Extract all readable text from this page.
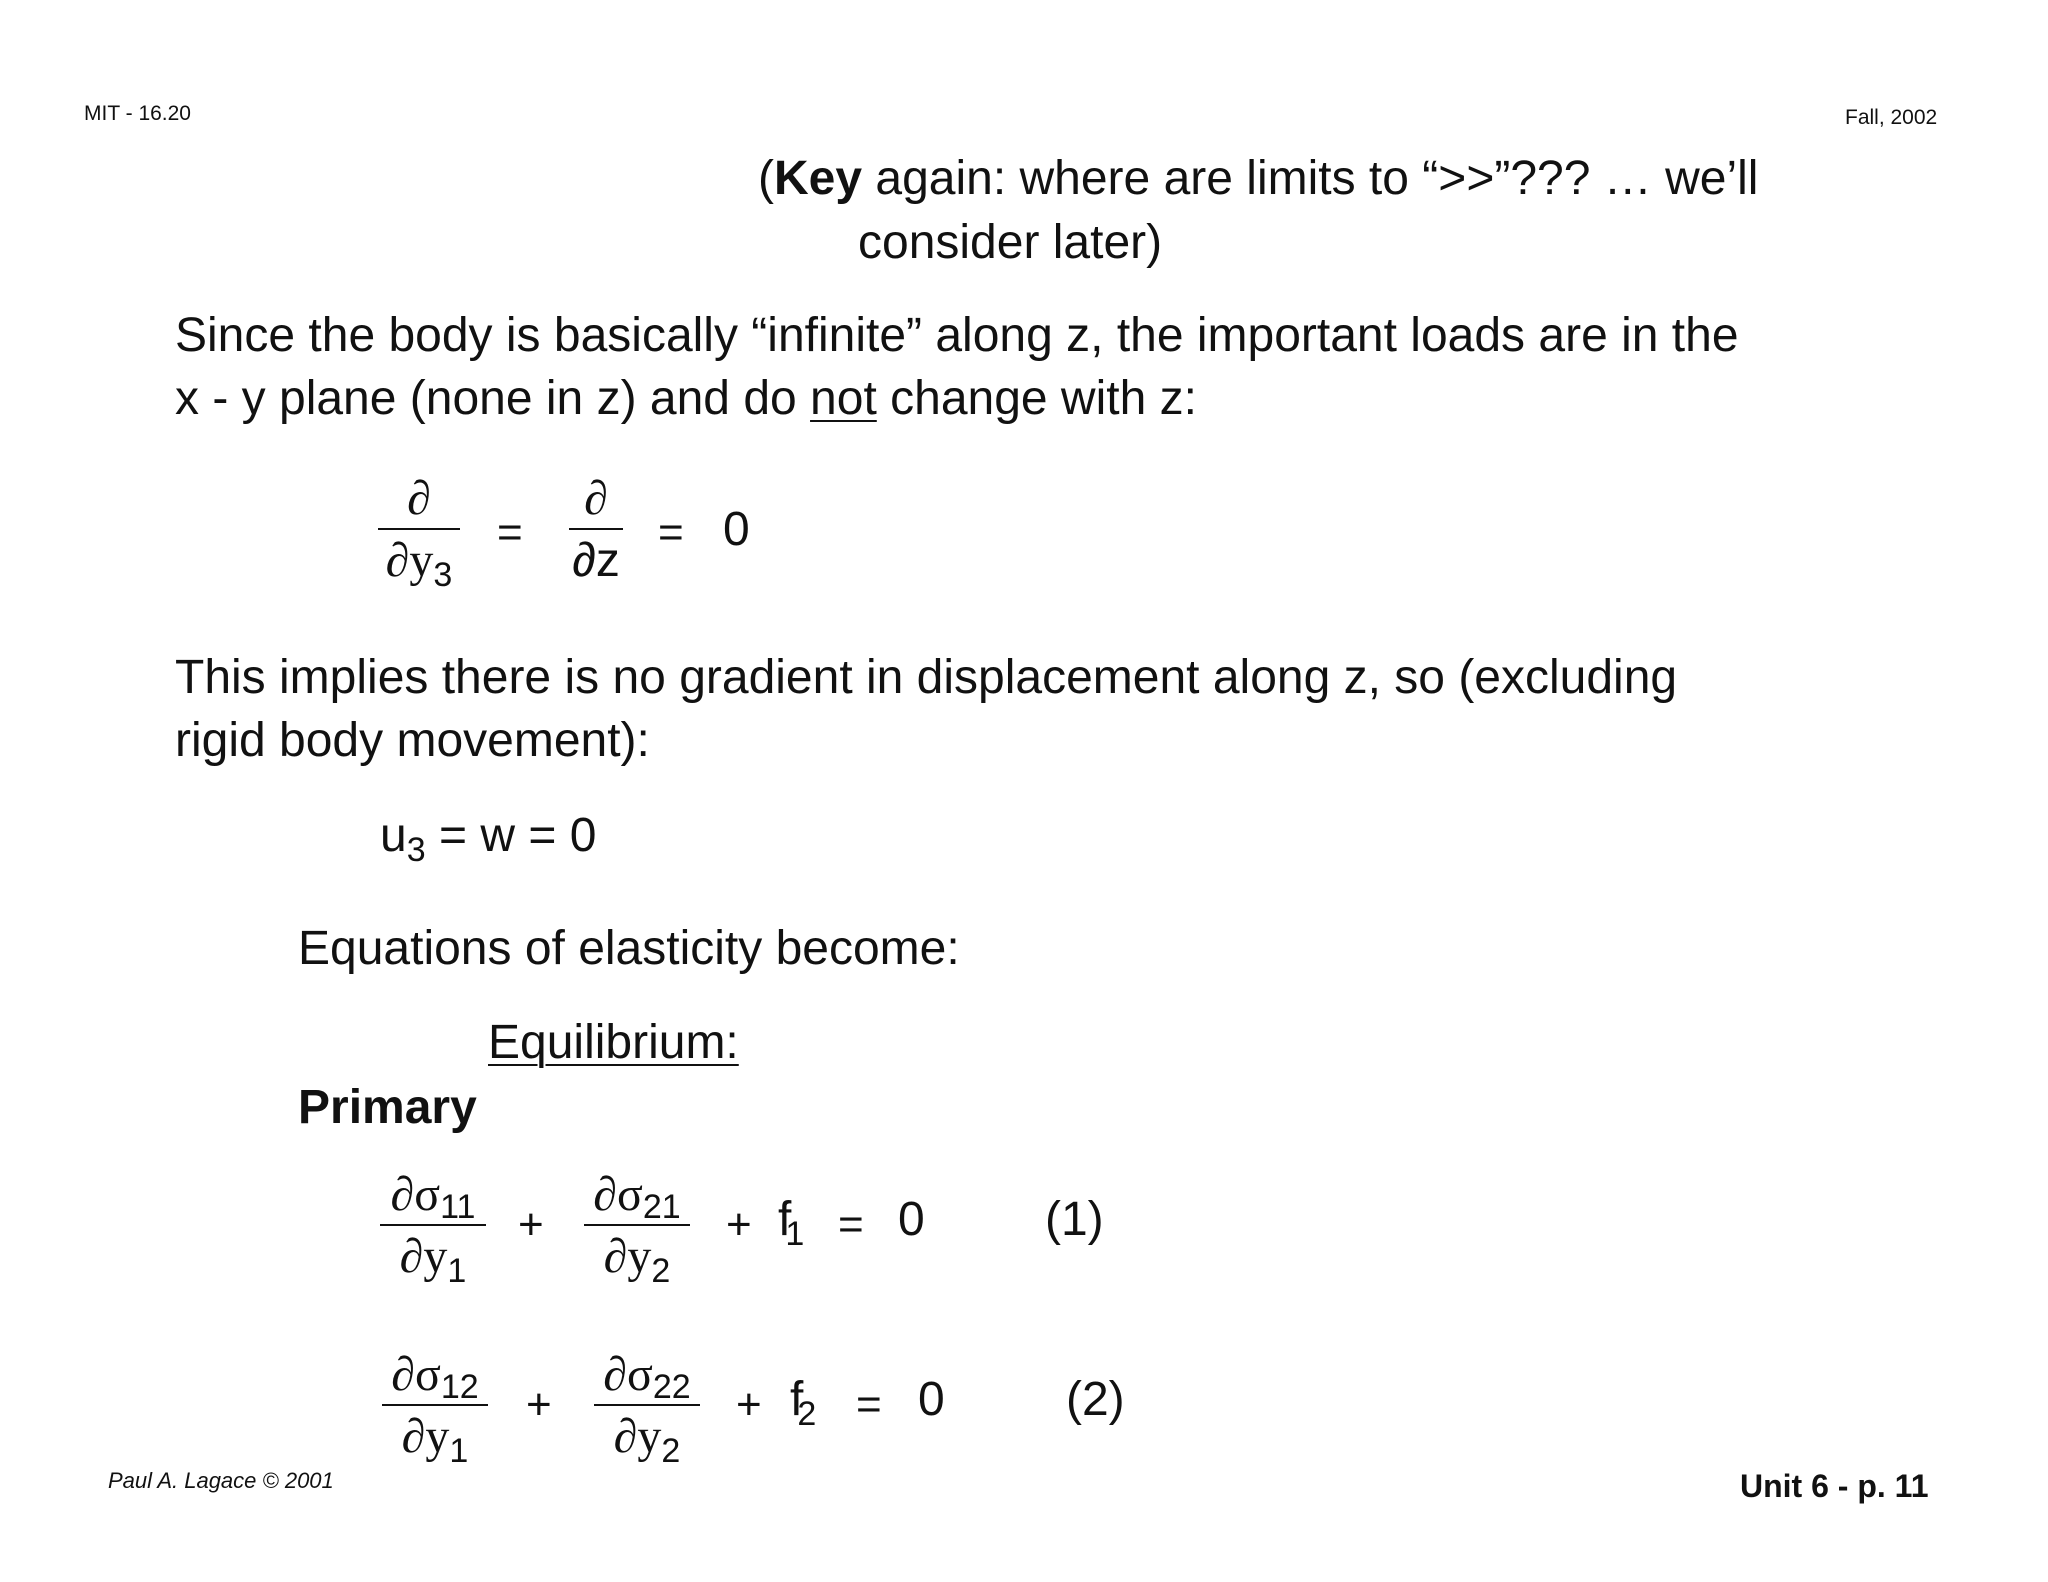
MIT - 16.20	Fall, 2002
(Key again: where are limits to “>>”??? … we’ll
consider later)
Since the body is basically “infinite” along z, the important loads are in the
x - y plane (none in z) and do not change with z:
∂
$\partial y_3$
=
∂
∂z
= 0
This implies there is no gradient in displacement along z, so (excluding
rigid body movement):
$u_3 = w = 0$
Equations of elasticity become:
Equilibrium:
Primary
∂σ11
$\partial y_1$
+
∂σ21
$\partial y_2$
+ $f_1 = 0$	(1)
∂σ12
$\partial y_1$
+
∂σ22
$\partial y_2$
+ $f_2 = 0$	(2)
Paul A. Lagace © 2001	Unit 6 - p. 11
